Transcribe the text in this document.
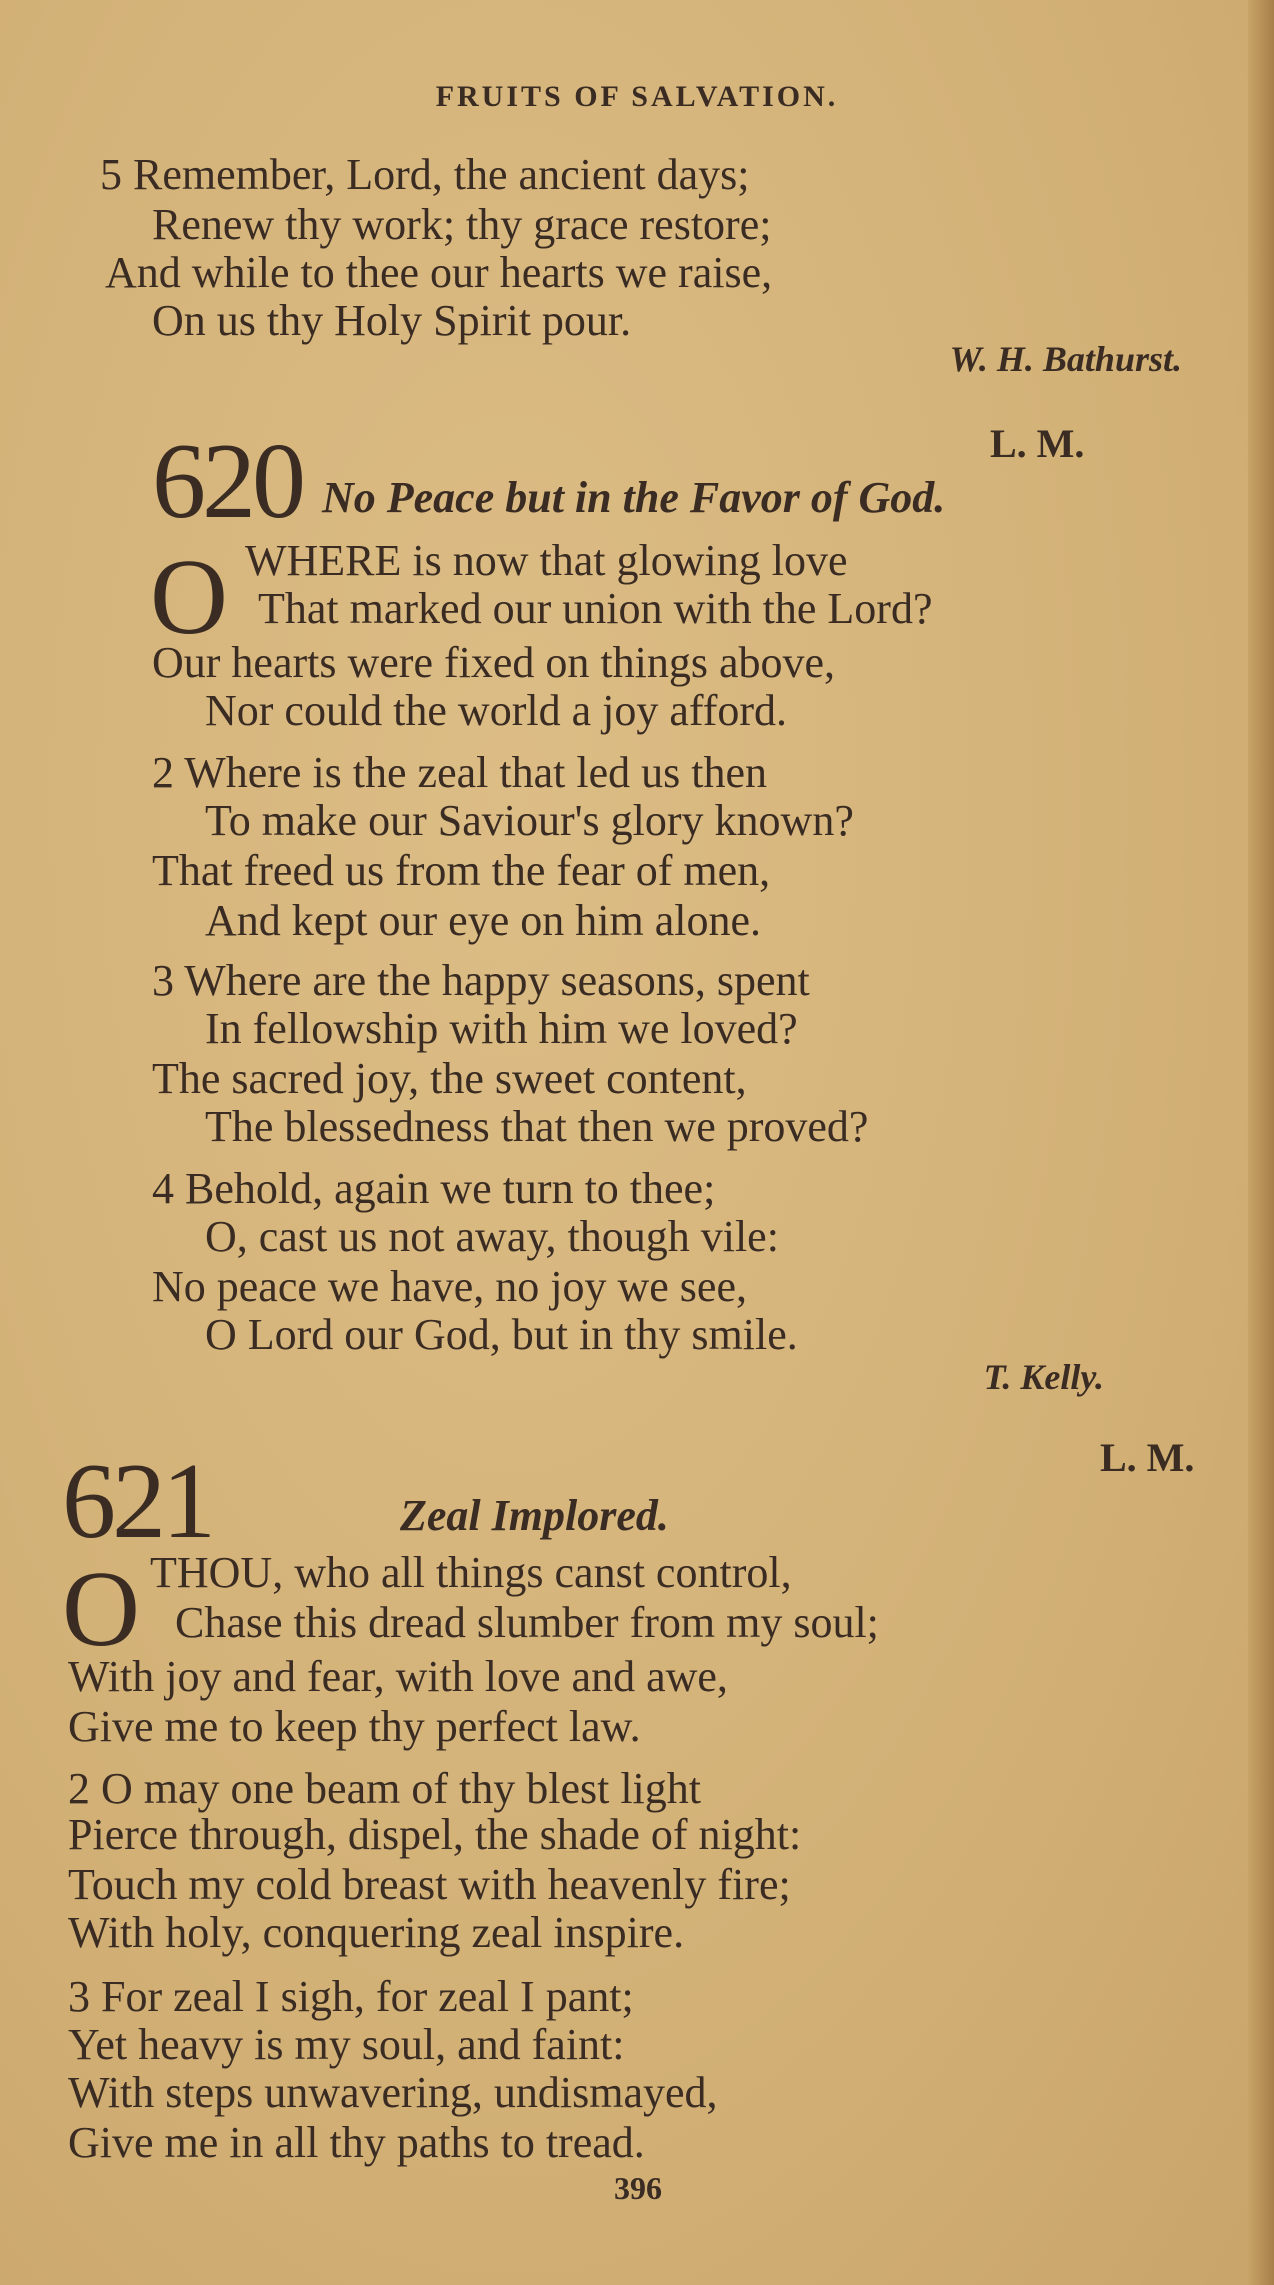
FRUITS OF SALVATION.
5 Remember, Lord, the ancient days;
Renew thy work; thy grace restore;
And while to thee our hearts we raise,
On us thy Holy Spirit pour.
W. H. Bathurst.
620	L. M.
No Peace but in the Favor of God.
O WHERE is now that glowing love
That marked our union with the Lord?
Our hearts were fixed on things above,
Nor could the world a joy afford.
2 Where is the zeal that led us then
To make our Saviour's glory known?
That freed us from the fear of men,
And kept our eye on him alone.
3 Where are the happy seasons, spent
In fellowship with him we loved?
The sacred joy, the sweet content,
The blessedness that then we proved?
4 Behold, again we turn to thee;
O, cast us not away, though vile:
No peace we have, no joy we see,
O Lord our God, but in thy smile.
T. Kelly.
621	L. M.
Zeal Implored.
O THOU, who all things canst control,
Chase this dread slumber from my soul;
With joy and fear, with love and awe,
Give me to keep thy perfect law.
2 O may one beam of thy blest light
Pierce through, dispel, the shade of night:
Touch my cold breast with heavenly fire;
With holy, conquering zeal inspire.
3 For zeal I sigh, for zeal I pant;
Yet heavy is my soul, and faint:
With steps unwavering, undismayed,
Give me in all thy paths to tread.
396
